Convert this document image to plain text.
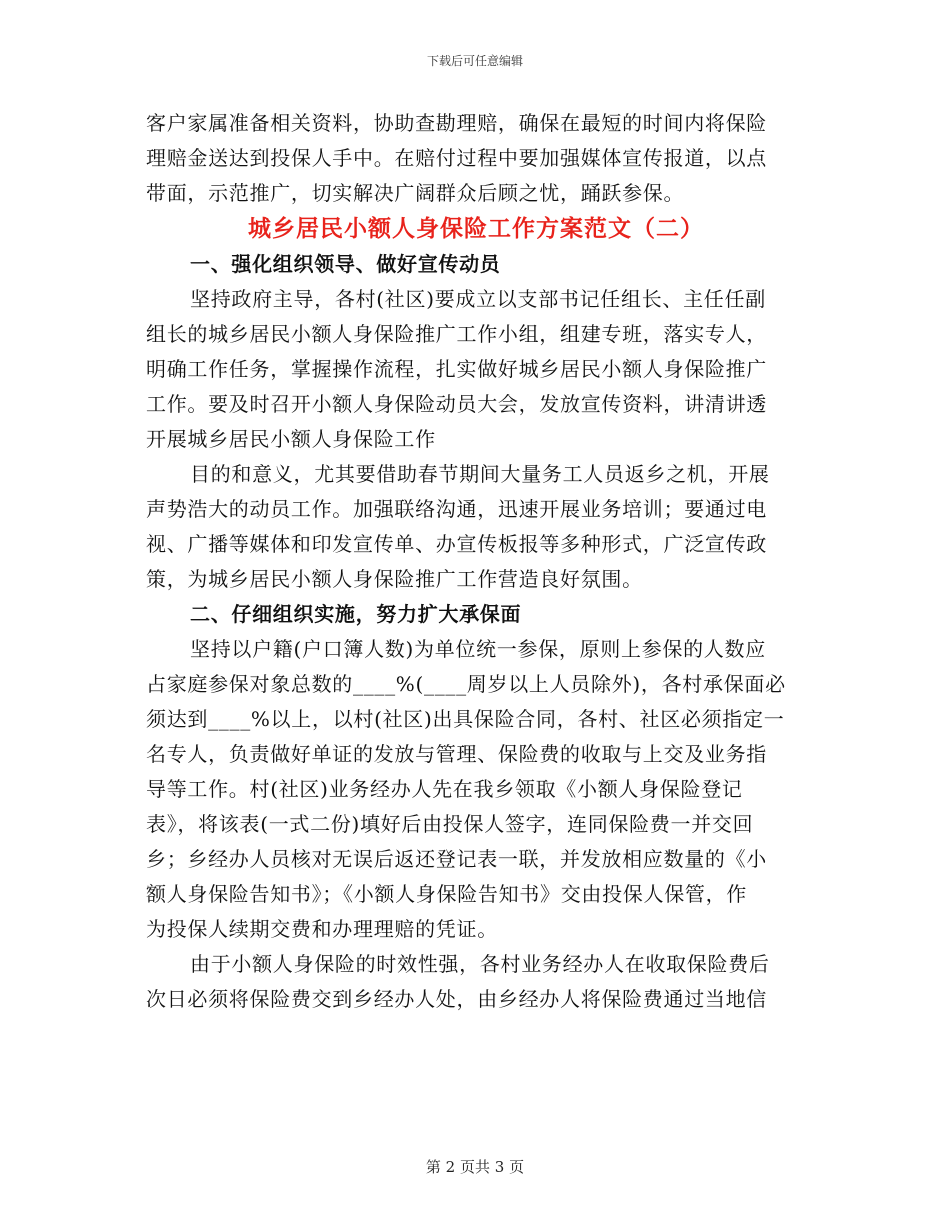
下载后可任意编辑
客户家属准备相关资料，协助查勘理赔，确保在最短的时间内将保险
理赔金送达到投保人手中。在赔付过程中要加强媒体宣传报道，以点
带面，示范推广，切实解决广阔群众后顾之忧，踊跃参保。
城乡居民小额人身保险工作方案范文（二）
一、强化组织领导、做好宣传动员
坚持政府主导，各村(社区)要成立以支部书记任组长、主任任副
组长的城乡居民小额人身保险推广工作小组，组建专班，落实专人，
明确工作任务，掌握操作流程，扎实做好城乡居民小额人身保险推广
工作。要及时召开小额人身保险动员大会，发放宣传资料，讲清讲透
开展城乡居民小额人身保险工作
目的和意义，尤其要借助春节期间大量务工人员返乡之机，开展
声势浩大的动员工作。加强联络沟通，迅速开展业务培训；要通过电
视、广播等媒体和印发宣传单、办宣传板报等多种形式，广泛宣传政
策，为城乡居民小额人身保险推广工作营造良好氛围。
二、仔细组织实施，努力扩大承保面
坚持以户籍(户口簿人数)为单位统一参保，原则上参保的人数应
占家庭参保对象总数的____%(____周岁以上人员除外)，各村承保面必
须达到____%以上，以村(社区)出具保险合同，各村、社区必须指定一
名专人，负责做好单证的发放与管理、保险费的收取与上交及业务指
导等工作。村(社区)业务经办人先在我乡领取《小额人身保险登记
表》，将该表(一式二份)填好后由投保人签字，连同保险费一并交回
乡；乡经办人员核对无误后返还登记表一联，并发放相应数量的《小
额人身保险告知书》；《小额人身保险告知书》交由投保人保管，作
为投保人续期交费和办理理赔的凭证。
由于小额人身保险的时效性强，各村业务经办人在收取保险费后
次日必须将保险费交到乡经办人处，由乡经办人将保险费通过当地信
第 2 页共 3 页
